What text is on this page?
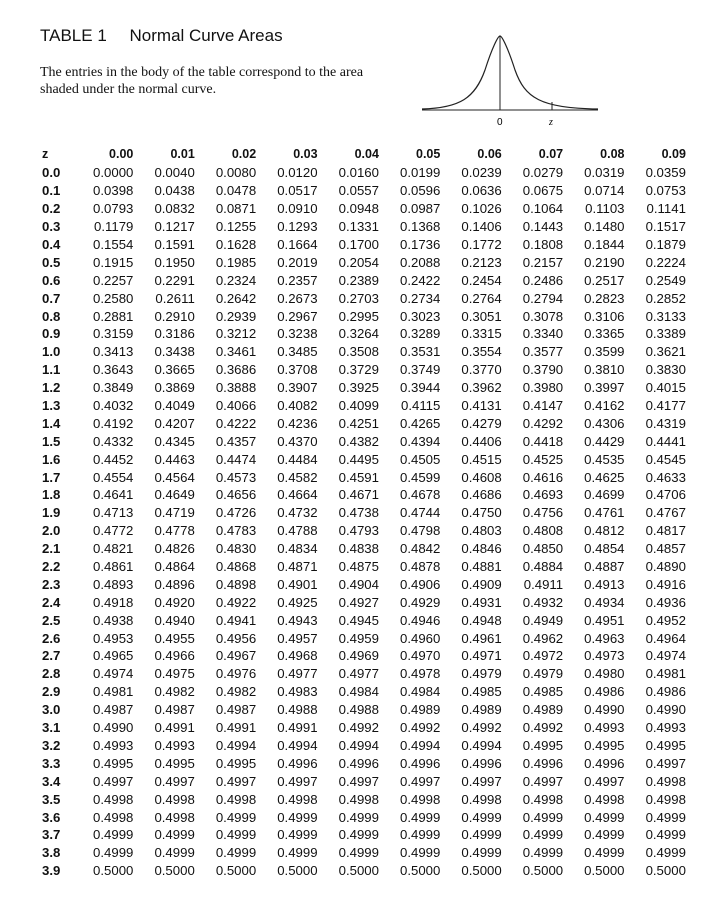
TABLE 1 Normal Curve Areas
The entries in the body of the table correspond to the area shaded under the normal curve.
0	z
z	0.00	0.01	0.02	0.03	0.04	0.05	0.06	0.07	0.08	0.09
0.0	0.0000	0.0040	0.0080	0.0120	0.0160	0.0199	0.0239	0.0279	0.0319	0.0359
0.1	0.0398	0.0438	0.0478	0.0517	0.0557	0.0596	0.0636	0.0675	0.0714	0.0753
0.2	0.0793	0.0832	0.0871	0.0910	0.0948	0.0987	0.1026	0.1064	0.1103	0.1141
0.3	0.1179	0.1217	0.1255	0.1293	0.1331	0.1368	0.1406	0.1443	0.1480	0.1517
0.4	0.1554	0.1591	0.1628	0.1664	0.1700	0.1736	0.1772	0.1808	0.1844	0.1879
0.5	0.1915	0.1950	0.1985	0.2019	0.2054	0.2088	0.2123	0.2157	0.2190	0.2224
0.6	0.2257	0.2291	0.2324	0.2357	0.2389	0.2422	0.2454	0.2486	0.2517	0.2549
0.7	0.2580	0.2611	0.2642	0.2673	0.2703	0.2734	0.2764	0.2794	0.2823	0.2852
0.8	0.2881	0.2910	0.2939	0.2967	0.2995	0.3023	0.3051	0.3078	0.3106	0.3133
0.9	0.3159	0.3186	0.3212	0.3238	0.3264	0.3289	0.3315	0.3340	0.3365	0.3389
1.0	0.3413	0.3438	0.3461	0.3485	0.3508	0.3531	0.3554	0.3577	0.3599	0.3621
1.1	0.3643	0.3665	0.3686	0.3708	0.3729	0.3749	0.3770	0.3790	0.3810	0.3830
1.2	0.3849	0.3869	0.3888	0.3907	0.3925	0.3944	0.3962	0.3980	0.3997	0.4015
1.3	0.4032	0.4049	0.4066	0.4082	0.4099	0.4115	0.4131	0.4147	0.4162	0.4177
1.4	0.4192	0.4207	0.4222	0.4236	0.4251	0.4265	0.4279	0.4292	0.4306	0.4319
1.5	0.4332	0.4345	0.4357	0.4370	0.4382	0.4394	0.4406	0.4418	0.4429	0.4441
1.6	0.4452	0.4463	0.4474	0.4484	0.4495	0.4505	0.4515	0.4525	0.4535	0.4545
1.7	0.4554	0.4564	0.4573	0.4582	0.4591	0.4599	0.4608	0.4616	0.4625	0.4633
1.8	0.4641	0.4649	0.4656	0.4664	0.4671	0.4678	0.4686	0.4693	0.4699	0.4706
1.9	0.4713	0.4719	0.4726	0.4732	0.4738	0.4744	0.4750	0.4756	0.4761	0.4767
2.0	0.4772	0.4778	0.4783	0.4788	0.4793	0.4798	0.4803	0.4808	0.4812	0.4817
2.1	0.4821	0.4826	0.4830	0.4834	0.4838	0.4842	0.4846	0.4850	0.4854	0.4857
2.2	0.4861	0.4864	0.4868	0.4871	0.4875	0.4878	0.4881	0.4884	0.4887	0.4890
2.3	0.4893	0.4896	0.4898	0.4901	0.4904	0.4906	0.4909	0.4911	0.4913	0.4916
2.4	0.4918	0.4920	0.4922	0.4925	0.4927	0.4929	0.4931	0.4932	0.4934	0.4936
2.5	0.4938	0.4940	0.4941	0.4943	0.4945	0.4946	0.4948	0.4949	0.4951	0.4952
2.6	0.4953	0.4955	0.4956	0.4957	0.4959	0.4960	0.4961	0.4962	0.4963	0.4964
2.7	0.4965	0.4966	0.4967	0.4968	0.4969	0.4970	0.4971	0.4972	0.4973	0.4974
2.8	0.4974	0.4975	0.4976	0.4977	0.4977	0.4978	0.4979	0.4979	0.4980	0.4981
2.9	0.4981	0.4982	0.4982	0.4983	0.4984	0.4984	0.4985	0.4985	0.4986	0.4986
3.0	0.4987	0.4987	0.4987	0.4988	0.4988	0.4989	0.4989	0.4989	0.4990	0.4990
3.1	0.4990	0.4991	0.4991	0.4991	0.4992	0.4992	0.4992	0.4992	0.4993	0.4993
3.2	0.4993	0.4993	0.4994	0.4994	0.4994	0.4994	0.4994	0.4995	0.4995	0.4995
3.3	0.4995	0.4995	0.4995	0.4996	0.4996	0.4996	0.4996	0.4996	0.4996	0.4997
3.4	0.4997	0.4997	0.4997	0.4997	0.4997	0.4997	0.4997	0.4997	0.4997	0.4998
3.5	0.4998	0.4998	0.4998	0.4998	0.4998	0.4998	0.4998	0.4998	0.4998	0.4998
3.6	0.4998	0.4998	0.4999	0.4999	0.4999	0.4999	0.4999	0.4999	0.4999	0.4999
3.7	0.4999	0.4999	0.4999	0.4999	0.4999	0.4999	0.4999	0.4999	0.4999	0.4999
3.8	0.4999	0.4999	0.4999	0.4999	0.4999	0.4999	0.4999	0.4999	0.4999	0.4999
3.9	0.5000	0.5000	0.5000	0.5000	0.5000	0.5000	0.5000	0.5000	0.5000	0.5000
